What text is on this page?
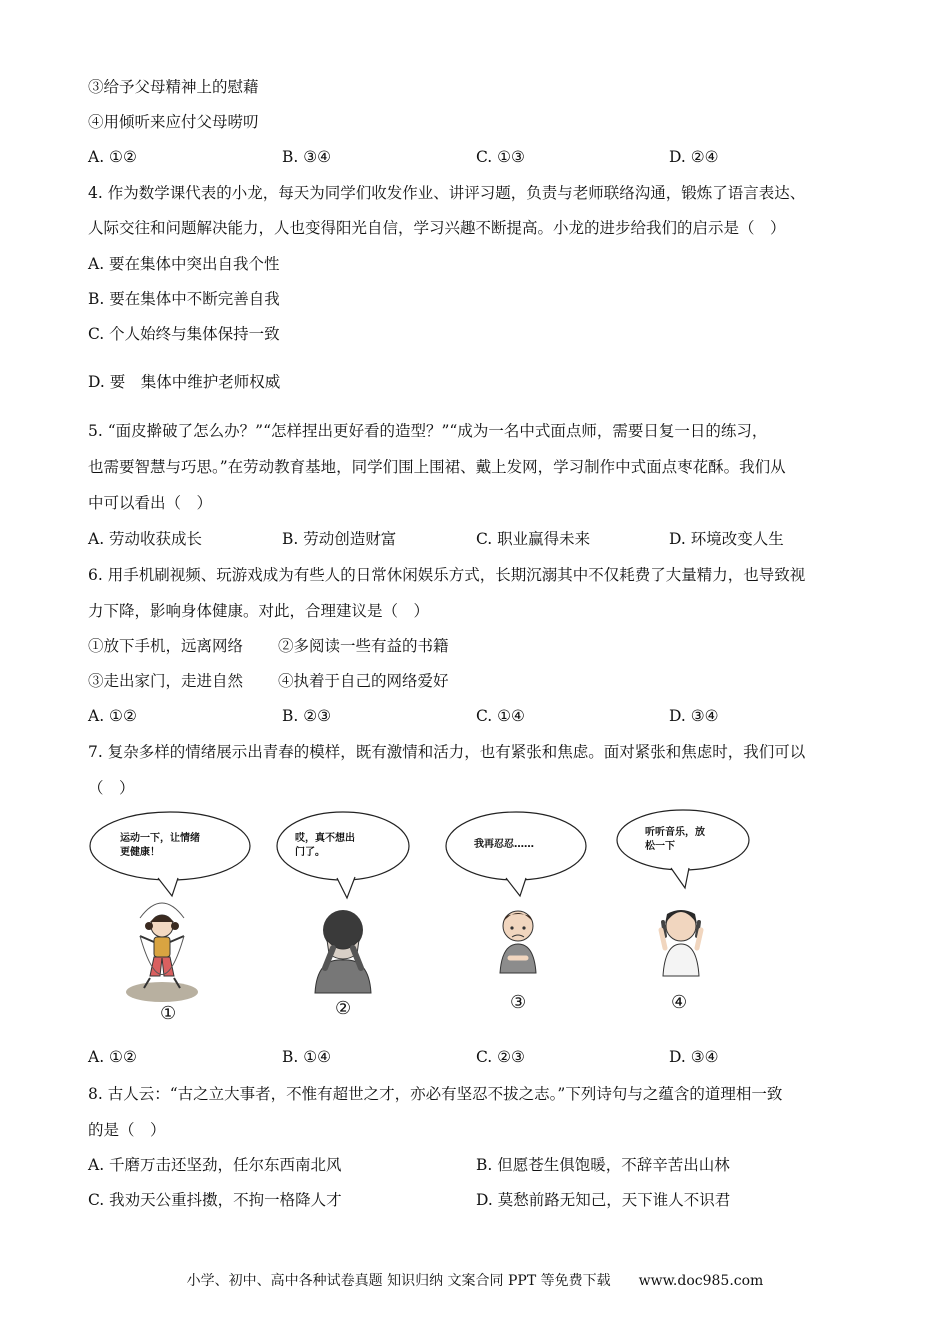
③给予父母精神上的慰藉
④用倾听来应付父母唠叨
A. ①②	B. ③④	C. ①③	D. ②④
4. 作为数学课代表的小龙，每天为同学们收发作业、讲评习题，负责与老师联络沟通，锻炼了语言表达、
人际交往和问题解决能力，人也变得阳光自信，学习兴趣不断提高。小龙的进步给我们的启示是（　）
A. 要在集体中突出自我个性
B. 要在集体中不断完善自我
C. 个人始终与集体保持一致
D. 要　集体中维护老师权威
5. “面皮擀破了怎么办？”“怎样捏出更好看的造型？”“成为一名中式面点师，需要日复一日的练习，
也需要智慧与巧思。”在劳动教育基地，同学们围上围裙、戴上发网，学习制作中式面点枣花酥。我们从
中可以看出（　）
A. 劳动收获成长	B. 劳动创造财富	C. 职业赢得未来	D. 环境改变人生
6. 用手机刷视频、玩游戏成为有些人的日常休闲娱乐方式，长期沉溺其中不仅耗费了大量精力，也导致视
力下降，影响身体健康。对此，合理建议是（　）
①放下手机，远离网络 ②多阅读一些有益的书籍
③走出家门，走进自然 ④执着于自己的网络爱好
A. ①②	B. ②③	C. ①④	D. ③④
7. 复杂多样的情绪展示出青春的模样，既有激情和活力，也有紧张和焦虑。面对紧张和焦虑时，我们可以
（　）
运动一下，让情绪
更健康！
①
哎，真不想出
门了。
②
我再忍忍……
③
听听音乐，放
松一下
④
A. ①②	B. ①④	C. ②③	D. ③④
8. 古人云：“古之立大事者，不惟有超世之才，亦必有坚忍不拔之志。”下列诗句与之蕴含的道理相一致
的是（　）
A. 千磨万击还坚劲，任尔东西南北风	B. 但愿苍生俱饱暖，不辞辛苦出山林
C. 我劝天公重抖擞，不拘一格降人才	D. 莫愁前路无知己，天下谁人不识君
小学、初中、高中各种试卷真题 知识归纳 文案合同 PPT 等免费下载　　www.doc985.com
